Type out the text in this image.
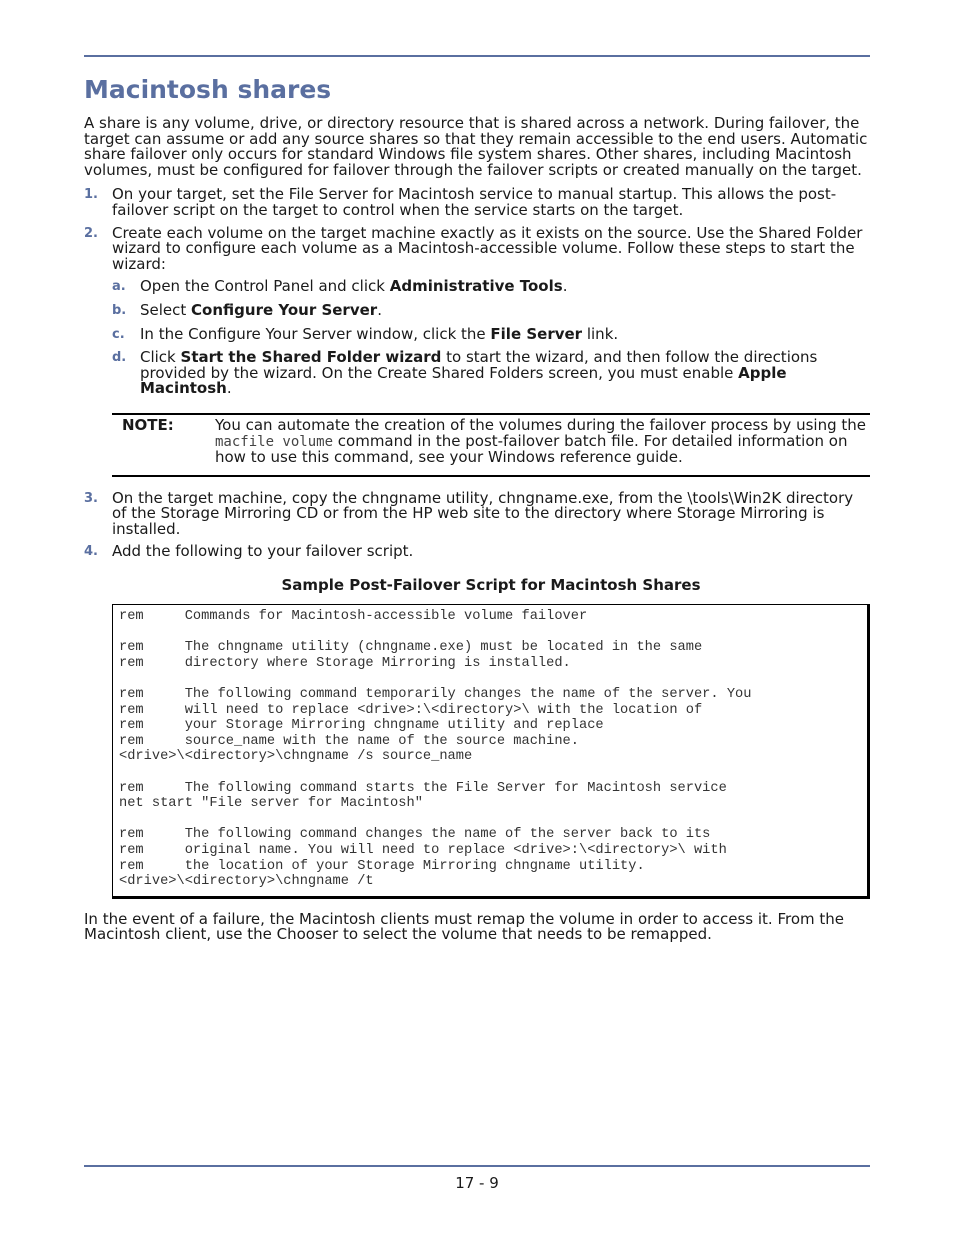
Macintosh shares

A share is any volume, drive, or directory resource that is shared across a network. During failover, the target can assume or add any source shares so that they remain accessible to the end users. Automatic share failover only occurs for standard Windows file system shares. Other shares, including Macintosh volumes, must be configured for failover through the failover scripts or created manually on the target.

1. On your target, set the File Server for Macintosh service to manual startup. This allows the post-failover script on the target to control when the service starts on the target.
2. Create each volume on the target machine exactly as it exists on the source. Use the Shared Folder wizard to configure each volume as a Macintosh-accessible volume. Follow these steps to start the wizard:
a. Open the Control Panel and click Administrative Tools.
b. Select Configure Your Server.
c. In the Configure Your Server window, click the File Server link.
d. Click Start the Shared Folder wizard to start the wizard, and then follow the directions provided by the wizard. On the Create Shared Folders screen, you must enable Apple Macintosh.
NOTE:	You can automate the creation of the volumes during the failover process by using the macfile volume command in the post-failover batch file. For detailed information on how to use this command, see your Windows reference guide.
3. On the target machine, copy the chngname utility, chngname.exe, from the \tools\Win2K directory of the Storage Mirroring CD or from the HP web site to the directory where Storage Mirroring is installed.
4. Add the following to your failover script.
Sample Post-Failover Script for Macintosh Shares
rem     Commands for Macintosh-accessible volume failover
rem     The chngname utility (chngname.exe) must be located in the same
rem     directory where Storage Mirroring is installed.
rem     The following command temporarily changes the name of the server. You
rem     will need to replace <drive>:\<directory>\ with the location of
rem     your Storage Mirroring chngname utility and replace
rem     source_name with the name of the source machine.
<drive>\<directory>\chngname /s source_name
rem     The following command starts the File Server for Macintosh service
net start "File server for Macintosh"
rem     The following command changes the name of the server back to its
rem     original name. You will need to replace <drive>:\<directory>\ with
rem     the location of your Storage Mirroring chngname utility.
<drive>\<directory>\chngname /t

In the event of a failure, the Macintosh clients must remap the volume in order to access it. From the Macintosh client, use the Chooser to select the volume that needs to be remapped.

17 - 9
